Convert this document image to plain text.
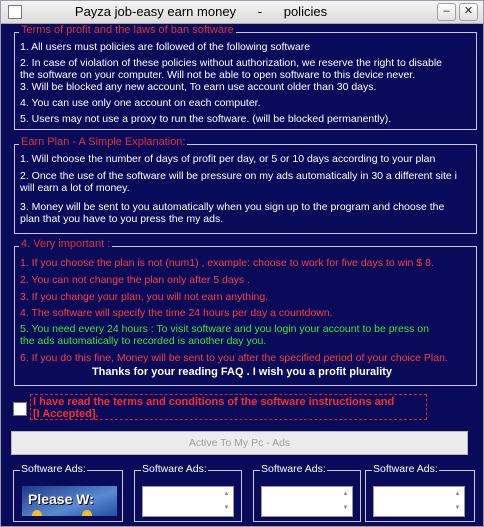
Payza job-easy earn money      -      policies	–	✕
Terms of profit and the laws of ban software
1. All users must policies are followed of the following software
2. In case of violation of these policies without authorization, we reserve the right to disable
the software on your computer. Will not be able to open software to this device never.
3. Will be blocked any new account, To earn use account older than 30 days.
4. You can use only one account on each computer.
5. Users may not use a proxy to run the software. (will be blocked permanently).
Earn Plan - A Simple Explanation:
1. Will choose the number of days of profit per day, or 5 or 10 days according to your plan
2. Once the use of the software will be pressure on my ads automatically in 30 a different site i
will earn a lot of money.
3. Money will be sent to you automatically when you sign up to the program and choose the
plan that you have to you press the my ads.
4. Very important :
1. If you choose the plan is not (num1) , example: choose to work for five days to win $ 8.
2. You can not change the plan only after 5 days .
3. If you change your plan, you will not earn anything.
4. The software will specify the time 24 hours per day a countdown.
5. You need every 24 hours : To visit software and you login your account to be press on
the ads automatically to recorded is another day you.
6. If you do this fine, Money will be sent to you after the specified period of your choice Plan.
Thanks for your reading FAQ . I wish you a profit plurality
I have read the terms and conditions of the software instructions and
[I Accepted].
Active To My Pc - Ads
Software Ads:
Please W:
Software Ads:
▲
▼
Software Ads:
▲
▼
Software Ads:
▲
▼
